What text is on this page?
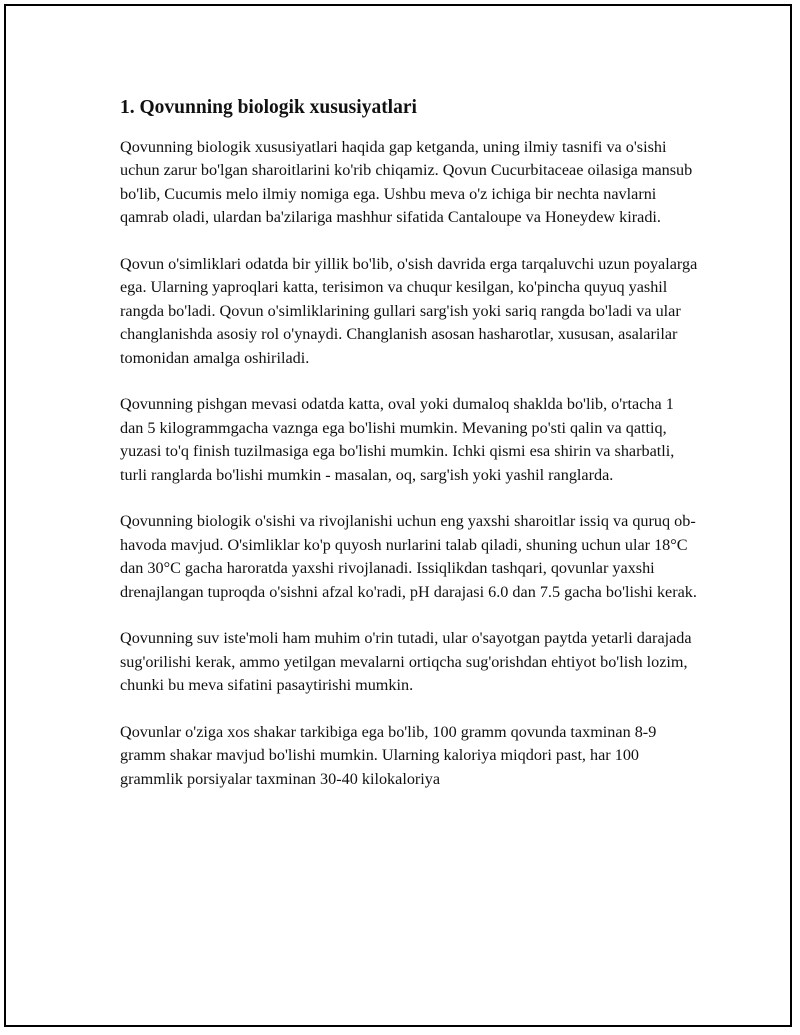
1. Qovunning biologik xususiyatlari

Qovunning biologik xususiyatlari haqida gap ketganda, uning ilmiy tasnifi va o'sishi uchun zarur bo'lgan sharoitlarini ko'rib chiqamiz. Qovun Cucurbitaceae oilasiga mansub bo'lib, Cucumis melo ilmiy nomiga ega. Ushbu meva o'z ichiga bir nechta navlarni qamrab oladi, ulardan ba'zilariga mashhur sifatida Cantaloupe va Honeydew kiradi.

Qovun o'simliklari odatda bir yillik bo'lib, o'sish davrida erga tarqaluvchi uzun poyalarga ega. Ularning yaproqlari katta, terisimon va chuqur kesilgan, ko'pincha quyuq yashil rangda bo'ladi. Qovun o'simliklarining gullari sarg'ish yoki sariq rangda bo'ladi va ular changlanishda asosiy rol o'ynaydi. Changlanish asosan hasharotlar, xususan, asalarilar tomonidan amalga oshiriladi.

Qovunning pishgan mevasi odatda katta, oval yoki dumaloq shaklda bo'lib, o'rtacha 1 dan 5 kilogrammgacha vaznga ega bo'lishi mumkin. Mevaning po'sti qalin va qattiq, yuzasi to'q finish tuzilmasiga ega bo'lishi mumkin. Ichki qismi esa shirin va sharbatli, turli ranglarda bo'lishi mumkin - masalan, oq, sarg'ish yoki yashil ranglarda.

Qovunning biologik o'sishi va rivojlanishi uchun eng yaxshi sharoitlar issiq va quruq ob-havoda mavjud. O'simliklar ko'p quyosh nurlarini talab qiladi, shuning uchun ular 18°C dan 30°C gacha haroratda yaxshi rivojlanadi. Issiqlikdan tashqari, qovunlar yaxshi drenajlangan tuproqda o'sishni afzal ko'radi, pH darajasi 6.0 dan 7.5 gacha bo'lishi kerak.

Qovunning suv iste'moli ham muhim o'rin tutadi, ular o'sayotgan paytda yetarli darajada sug'orilishi kerak, ammo yetilgan mevalarni ortiqcha sug'orishdan ehtiyot bo'lish lozim, chunki bu meva sifatini pasaytirishi mumkin.

Qovunlar o'ziga xos shakar tarkibiga ega bo'lib, 100 gramm qovunda taxminan 8-9 gramm shakar mavjud bo'lishi mumkin. Ularning kaloriya miqdori past, har 100 grammlik porsiyalar taxminan 30-40 kilokaloriya
